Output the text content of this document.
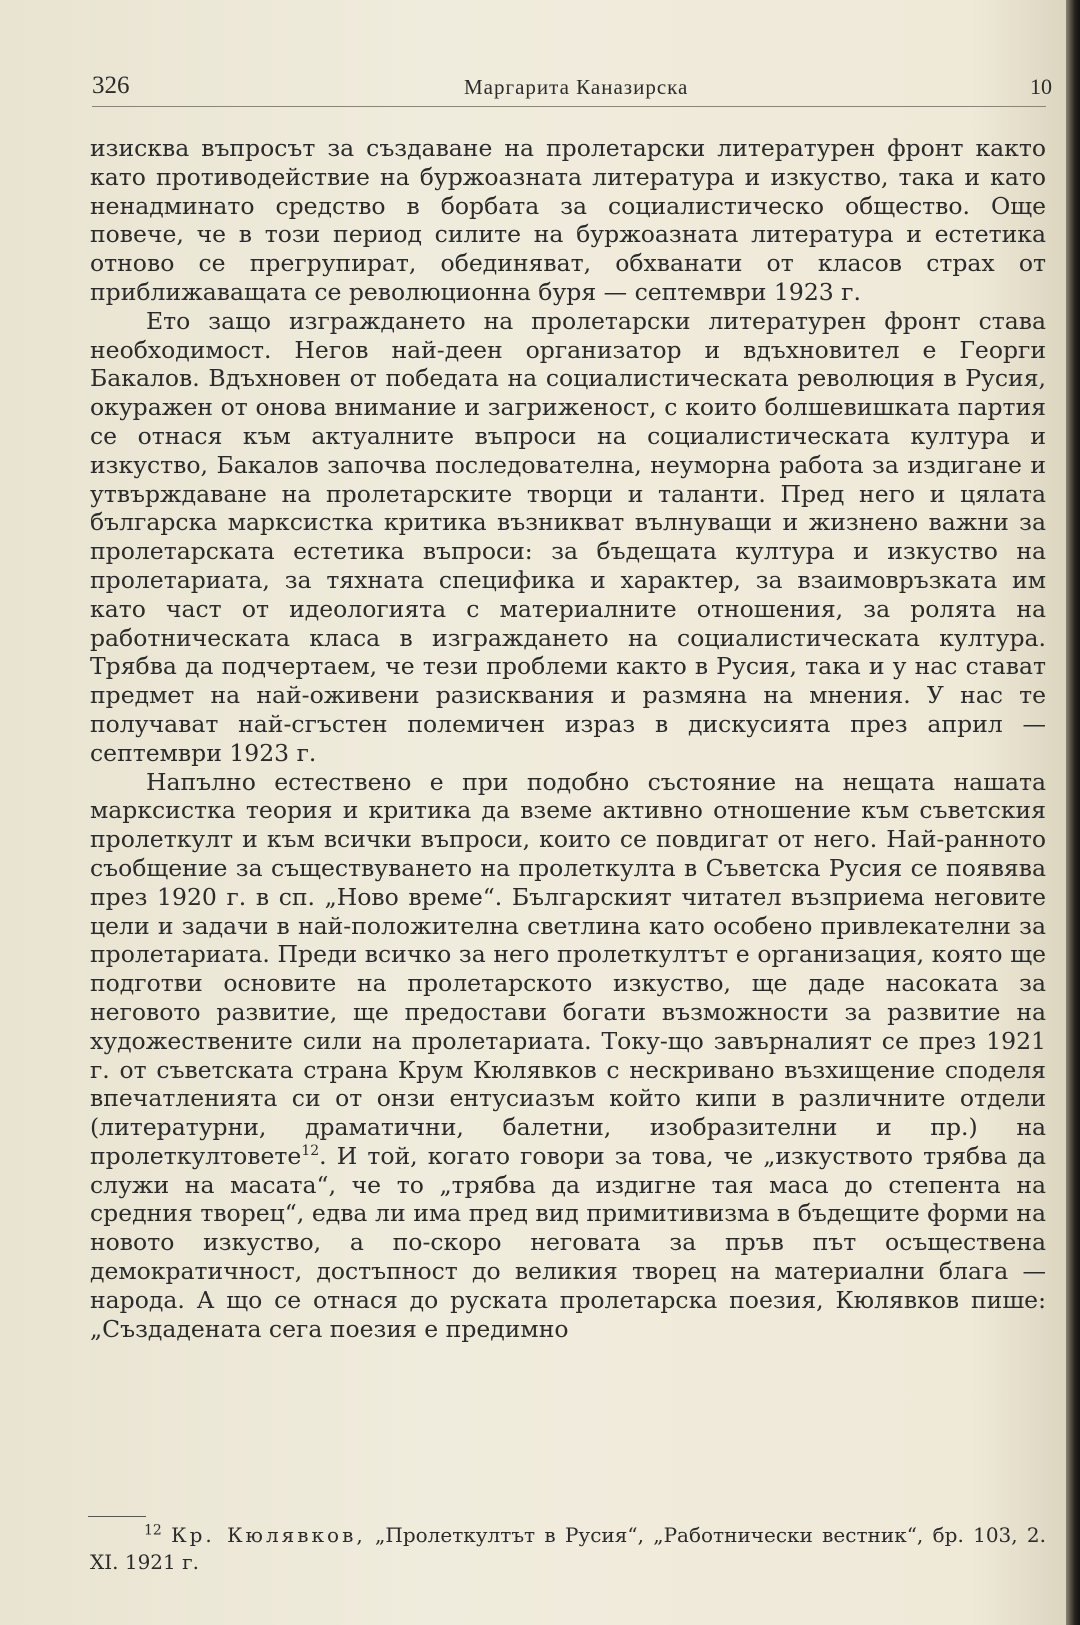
326	Маргарита Каназирска	10

изисква въпросът за създаване на пролетарски литературен фронт както като противодействие на буржоазната литература и изкуство, така и като ненадминато средство в борбата за социалистическо общество. Още повече, че в този период силите на буржоазната литература и естетика отново се прегрупират, обединяват, обхванати от класов страх от приближаващата се революционна буря — септември 1923 г.

Ето защо изграждането на пролетарски литературен фронт става необходимост. Негов най-деен организатор и вдъхновител е Георги Бакалов. Вдъхновен от победата на социалистическата революция в Русия, окуражен от онова внимание и загриженост, с които болшевишката партия се отнася към актуалните въпроси на социалистическата култура и изкуство, Бакалов започва последователна, неуморна работа за издигане и утвърждаване на пролетарските творци и таланти. Пред него и цялата българска марксистка критика възникват вълнуващи и жизнено важни за пролетарската естетика въпроси: за бъдещата култура и изкуство на пролетариата, за тяхната специфика и характер, за взаимовръзката им като част от идеологията с материалните отношения, за ролята на работническата класа в изграждането на социалистическата култура. Трябва да подчертаем, че тези проблеми както в Русия, така и у нас стават предмет на най-оживени разисквания и размяна на мнения. У нас те получават най-сгъстен полемичен израз в дискусията през април — септември 1923 г.

Напълно естествено е при подобно състояние на нещата нашата марксистка теория и критика да вземе активно отношение към съветския пролеткулт и към всички въпроси, които се повдигат от него. Най-ранното съобщение за съществуването на пролеткулта в Съветска Русия се появява през 1920 г. в сп. „Ново време“. Българският читател възприема неговите цели и задачи в най-положителна светлина като особено привлекателни за пролетариата. Преди всичко за него пролеткултът е организация, която ще подготви основите на пролетарското изкуство, ще даде насоката за неговото развитие, ще предостави богати възможности за развитие на художествените сили на пролетариата. Току-що завърналият се през 1921 г. от съветската страна Крум Кюлявков с нескривано възхищение споделя впечатленията си от онзи ентусиазъм който кипи в различните отдели (литературни, драматични, балетни, изобразителни и пр.) на пролеткултовете$^{12}$. И той, когато говори за това, че „изкуството трябва да служи на масата“, че то „трябва да издигне тая маса до степента на средния творец“, едва ли има пред вид примитивизма в бъдещите форми на новото изкуство, а по-скоро неговата за пръв път осъществена демократичност, достъпност до великия творец на материални блага — народа. А що се отнася до руската пролетарска поезия, Кюлявков пише: „Създадената сега поезия е предимно

$^{12}$ Кр. Кюлявков, „Пролеткултът в Русия“, „Работнически вестник“, бр. 103, 2. XI. 1921 г.
